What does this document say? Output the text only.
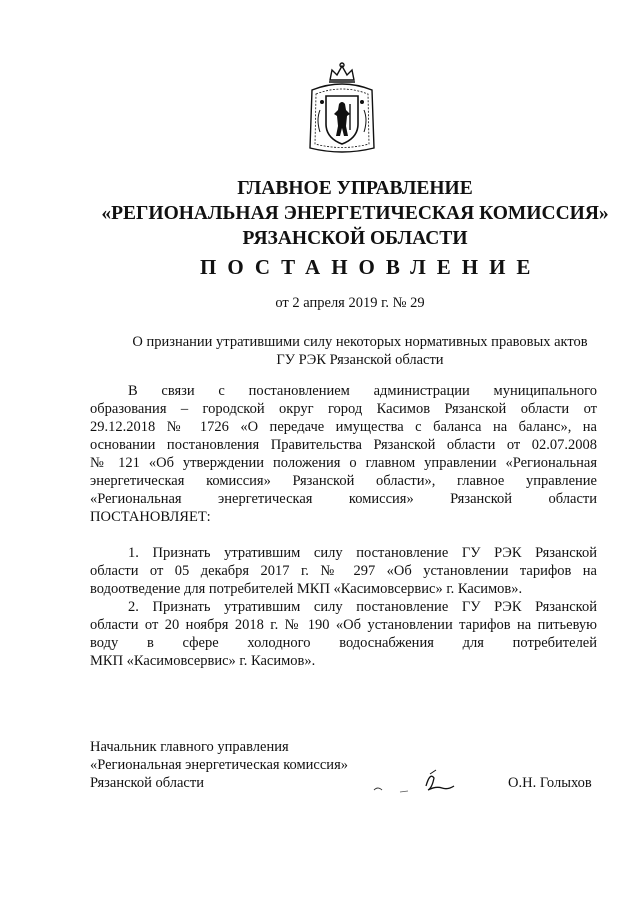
ГЛАВНОЕ УПРАВЛЕНИЕ
«РЕГИОНАЛЬНАЯ ЭНЕРГЕТИЧЕСКАЯ КОМИССИЯ»
РЯЗАНСКОЙ ОБЛАСТИ
ПОСТАНОВЛЕНИЕ
от 2 апреля 2019 г. № 29
О признании утратившими силу некоторых нормативных правовых актов
ГУ РЭК Рязанской области
В связи с постановлением администрации муниципального
образования – городской округ город Касимов Рязанской области от
29.12.2018 № 1726 «О передаче имущества с баланса на баланс», на
основании постановления Правительства Рязанской области от 02.07.2008
№ 121 «Об утверждении положения о главном управлении «Региональная
энергетическая комиссия» Рязанской области», главное управление
«Региональная энергетическая комиссия» Рязанской области
ПОСТАНОВЛЯЕТ:
1. Признать утратившим силу постановление ГУ РЭК Рязанской
области от 05 декабря 2017 г. № 297 «Об установлении тарифов на
водоотведение для потребителей МКП «Касимовсервис» г. Касимов».
2. Признать утратившим силу постановление ГУ РЭК Рязанской
области от 20 ноября 2018 г. № 190 «Об установлении тарифов на питьевую
воду в сфере холодного водоснабжения для потребителей
МКП «Касимовсервис» г. Касимов».
Начальник главного управления
«Региональная энергетическая комиссия»
Рязанской области	О.Н. Голыхов
